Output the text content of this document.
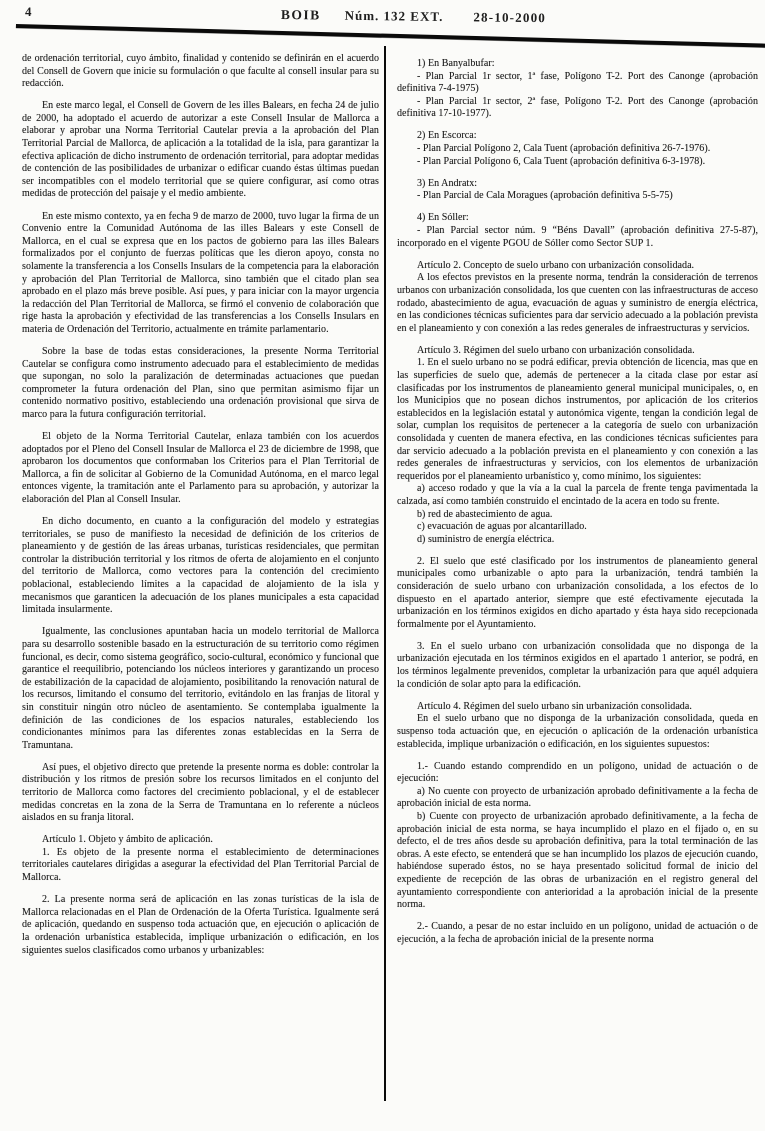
4	BOIB Núm. 132 EXT. 28-10-2000

de ordenación territorial, cuyo ámbito, finalidad y contenido se definirán en el acuerdo del Consell de Govern que inicie su formulación o que faculte al consell insular para su redacción.

En este marco legal, el Consell de Govern de les illes Balears, en fecha 24 de julio de 2000, ha adoptado el acuerdo de autorizar a este Consell Insular de Mallorca a elaborar y aprobar una Norma Territorial Cautelar previa a la aprobación del Plan Territorial Parcial de Mallorca, de aplicación a la totalidad de la isla, para garantizar la efectiva aplicación de dicho instrumento de ordenación territorial, para adoptar medidas de contención de las posibilidades de urbanizar o edificar cuando éstas últimas puedan ser incompatibles con el modelo territorial que se quiere configurar, así como otras medidas de protección del paisaje y el medio ambiente.

En este mismo contexto, ya en fecha 9 de marzo de 2000, tuvo lugar la firma de un Convenio entre la Comunidad Autónoma de las illes Balears y este Consell de Mallorca, en el cual se expresa que en los pactos de gobierno para las illes Balears formalizados por el conjunto de fuerzas políticas que les dieron apoyo, consta no solamente la transferencia a los Consells Insulars de la competencia para la elaboración y aprobación del Plan Territorial de Mallorca, sino también que el citado plan sea aprobado en el plazo más breve posible. Así pues, y para iniciar con la mayor urgencia la redacción del Plan Territorial de Mallorca, se firmó el convenio de colaboración que rige hasta la aprobación y efectividad de las transferencias a los Consells Insulars en materia de Ordenación del Territorio, actualmente en trámite parlamentario.

Sobre la base de todas estas consideraciones, la presente Norma Territorial Cautelar se configura como instrumento adecuado para el establecimiento de medidas que supongan, no solo la paralización de determinadas actuaciones que puedan comprometer la futura ordenación del Plan, sino que permitan asimismo fijar un contenido normativo positivo, estableciendo una ordenación provisional que sirva de marco para la futura configuración territorial.

El objeto de la Norma Territorial Cautelar, enlaza también con los acuerdos adoptados por el Pleno del Consell Insular de Mallorca el 23 de diciembre de 1998, que aprobaron los documentos que conformaban los Criterios para el Plan Territorial de Mallorca, a fin de solicitar al Gobierno de la Comunidad Autónoma, en el marco legal entonces vigente, la tramitación ante el Parlamento para su aprobación, y autorizar la elaboración del Plan al Consell Insular.

En dicho documento, en cuanto a la configuración del modelo y estrategias territoriales, se puso de manifiesto la necesidad de definición de los criterios de planeamiento y de gestión de las áreas urbanas, turísticas residenciales, que permitan controlar la distribución territorial y los ritmos de oferta de alojamiento en el conjunto del territorio de Mallorca, como vectores para la contención del crecimiento poblacional, estableciendo límites a la capacidad de alojamiento de la isla y mecanismos que garanticen la adecuación de los planes municipales a esta capacidad limitada insularmente.

Igualmente, las conclusiones apuntaban hacia un modelo territorial de Mallorca para su desarrollo sostenible basado en la estructuración de su territorio como régimen funcional, es decir, como sistema geográfico, socio-cultural, económico y funcional que garantice el reequilibrio, potenciando los núcleos interiores y garantizando un proceso de estabilización de la capacidad de alojamiento, posibilitando la renovación natural de los recursos, limitando el consumo del territorio, evitándolo en las franjas de litoral y sin constituir ningún otro núcleo de asentamiento. Se contemplaba igualmente la definición de las condiciones de los espacios naturales, estableciendo los condicionantes mínimos para las diferentes zonas establecidas en la Serra de Tramuntana.

Así pues, el objetivo directo que pretende la presente norma es doble: controlar la distribución y los ritmos de presión sobre los recursos limitados en el conjunto del territorio de Mallorca como factores del crecimiento poblacional, y el de establecer medidas concretas en la zona de la Serra de Tramuntana en lo referente a núcleos aislados en su franja litoral.

Artículo 1. Objeto y ámbito de aplicación.

1. Es objeto de la presente norma el establecimiento de determinaciones territoriales cautelares dirigidas a asegurar la efectividad del Plan Territorial Parcial de Mallorca.

2. La presente norma será de aplicación en las zonas turísticas de la isla de Mallorca relacionadas en el Plan de Ordenación de la Oferta Turística. Igualmente será de aplicación, quedando en suspenso toda actuación que, en ejecución o aplicación de la ordenación urbanística establecida, implique urbanización o edificación, en los siguientes suelos clasificados como urbanos y urbanizables:

1) En Banyalbufar:

- Plan Parcial 1r sector, 1ª fase, Polígono T-2. Port des Canonge (aprobación definitiva 7-4-1975)

- Plan Parcial 1r sector, 2ª fase, Polígono T-2. Port des Canonge (aprobación definitiva 17-10-1977).

2) En Escorca:

- Plan Parcial Polígono 2, Cala Tuent (aprobación definitiva 26-7-1976).

- Plan Parcial Polígono 6, Cala Tuent (aprobación definitiva 6-3-1978).

3) En Andratx:

- Plan Parcial de Cala Moragues (aprobación definitiva 5-5-75)

4) En Sóller:

- Plan Parcial sector núm. 9 “Béns Davall” (aprobación definitiva 27-5-87), incorporado en el vigente PGOU de Sóller como Sector SUP 1.

Artículo 2. Concepto de suelo urbano con urbanización consolidada.

A los efectos previstos en la presente norma, tendrán la consideración de terrenos urbanos con urbanización consolidada, los que cuenten con las infraestructuras de acceso rodado, abastecimiento de agua, evacuación de aguas y suministro de energía eléctrica, en las condiciones técnicas suficientes para dar servicio adecuado a la población prevista en el planeamiento y con conexión a las redes generales de infraestructuras y servicios.

Artículo 3. Régimen del suelo urbano con urbanización consolidada.

1. En el suelo urbano no se podrá edificar, previa obtención de licencia, mas que en las superficies de suelo que, además de pertenecer a la citada clase por estar así clasificadas por los instrumentos de planeamiento general municipal municipales, o, en los Municipios que no posean dichos instrumentos, por aplicación de los criterios establecidos en la legislación estatal y autonómica vigente, tengan la condición legal de solar, cumplan los requisitos de pertenecer a la categoría de suelo con urbanización consolidada y cuenten de manera efectiva, en las condiciones técnicas suficientes para dar servicio adecuado a la población prevista en el planeamiento y con conexión a las redes generales de infraestructuras y servicios, con los elementos de urbanización requeridos por el planeamiento urbanístico y, como mínimo, los siguientes:

a) acceso rodado y que la vía a la cual la parcela de frente tenga pavimentada la calzada, así como también construido el encintado de la acera en todo su frente.

b) red de abastecimiento de agua.

c) evacuación de aguas por alcantarillado.

d) suministro de energía eléctrica.

2. El suelo que esté clasificado por los instrumentos de planeamiento general municipales como urbanizable o apto para la urbanización, tendrá también la consideración de suelo urbano con urbanización consolidada, a los efectos de lo dispuesto en el apartado anterior, siempre que esté efectivamente ejecutada la urbanización en los términos exigidos en dicho apartado y ésta haya sido recepcionada formalmente por el Ayuntamiento.

3. En el suelo urbano con urbanización consolidada que no disponga de la urbanización ejecutada en los términos exigidos en el apartado 1 anterior, se podrá, en los términos legalmente prevenidos, completar la urbanización para que aquél adquiera la condición de solar apto para la edificación.

Artículo 4. Régimen del suelo urbano sin urbanización consolidada.

En el suelo urbano que no disponga de la urbanización consolidada, queda en suspenso toda actuación que, en ejecución o aplicación de la ordenación urbanística establecida, implique urbanización o edificación, en los siguientes supuestos:

1.- Cuando estando comprendido en un polígono, unidad de actuación o de ejecución:

a) No cuente con proyecto de urbanización aprobado definitivamente a la fecha de aprobación inicial de esta norma.

b) Cuente con proyecto de urbanización aprobado definitivamente, a la fecha de aprobación inicial de esta norma, se haya incumplido el plazo en el fijado o, en su defecto, el de tres años desde su aprobación definitiva, para la total terminación de las obras. A este efecto, se entenderá que se han incumplido los plazos de ejecución cuando, habiéndose superado éstos, no se haya presentado solicitud formal de inicio del expediente de recepción de las obras de urbanización en el registro general del ayuntamiento correspondiente con anterioridad a la aprobación inicial de la presente norma.

2.- Cuando, a pesar de no estar incluido en un polígono, unidad de actuación o de ejecución, a la fecha de aprobación inicial de la presente norma
